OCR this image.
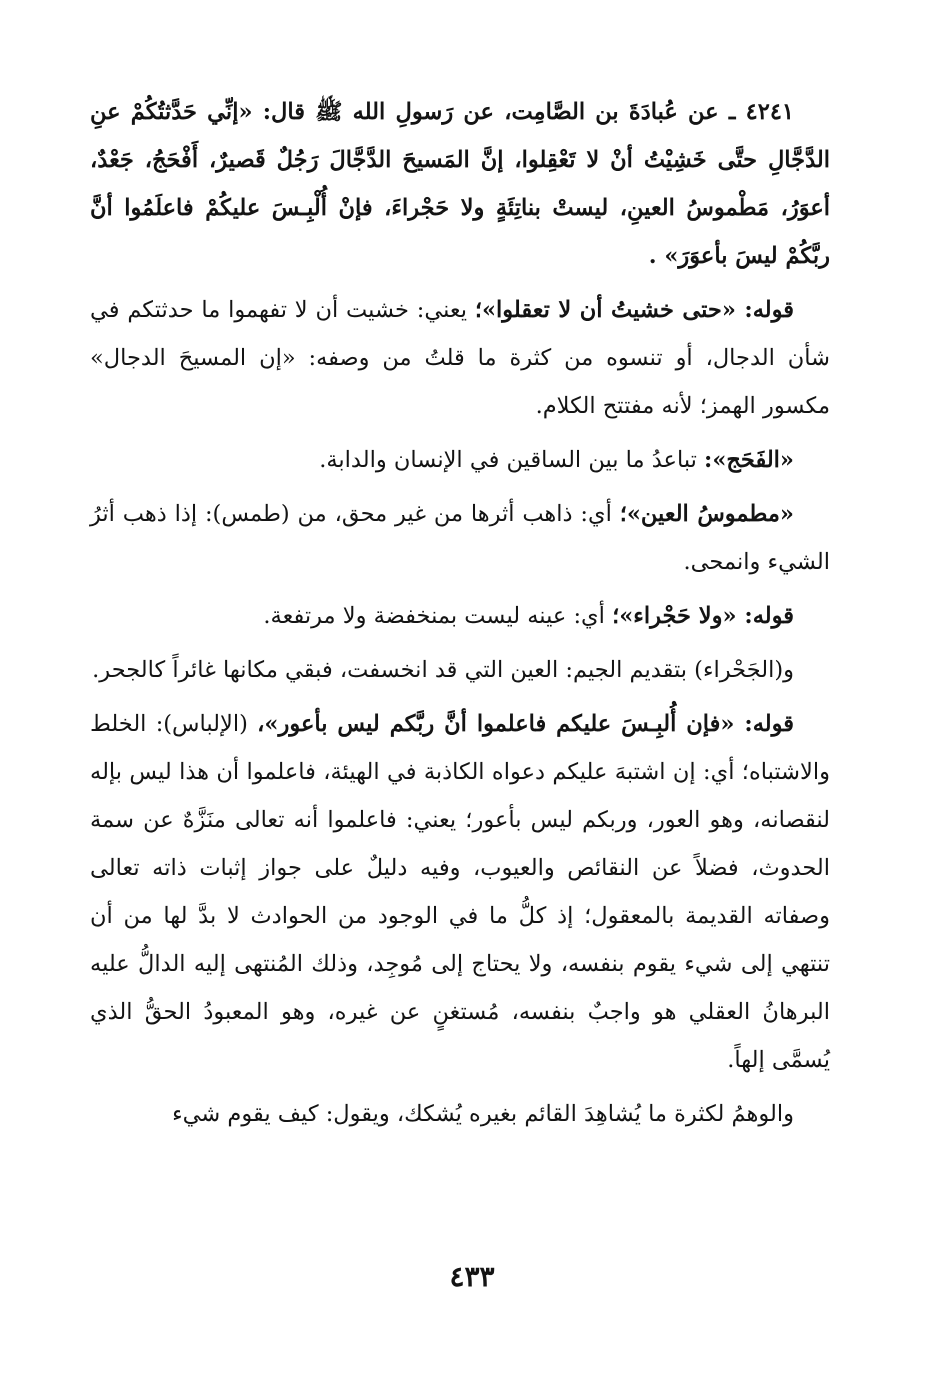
٤٢٤١ ـ عن عُبادَةَ بن الصَّامِت، عن رَسولِ الله ﷺ قال: «إنِّي حَدَّثتُكُمْ عنِ الدَّجَّالِ حتَّى خَشِيْتُ أنْ لا تَعْقِلوا، إنَّ المَسيحَ الدَّجَّالَ رَجُلٌ قَصيرٌ، أَفْحَجُ، جَعْدٌ، أعوَرُ، مَطْموسُ العينِ، ليستْ بناتِئَةٍ ولا حَجْراءَ، فإنْ أُلْبِـسَ عليكُمْ فاعلَمُوا أنَّ ربَّكُمْ ليسَ بأعوَرَ» .

قوله: «حتى خشيتُ أن لا تعقلوا»؛ يعني: خشيت أن لا تفهموا ما حدثتكم في شأن الدجال، أو تنسوه من كثرة ما قلتُ من وصفه: «إن المسيحَ الدجال» مكسور الهمز؛ لأنه مفتتح الكلام.

«الفَحَج»: تباعدُ ما بين الساقين في الإنسان والدابة.

«مطموسُ العين»؛ أي: ذاهب أثرها من غير محق، من (طمس): إذا ذهب أثرُ الشيء وانمحى.

قوله: «ولا حَجْراء»؛ أي: عينه ليست بمنخفضة ولا مرتفعة.

و(الجَحْراء) بتقديم الجيم: العين التي قد انخسفت، فبقي مكانها غائراً كالجحر.

قوله: «فإن أُلبِـسَ عليكم فاعلموا أنَّ ربَّكم ليس بأعور»، (الإلباس): الخلط والاشتباه؛ أي: إن اشتبهَ عليكم دعواه الكاذبة في الهيئة، فاعلموا أن هذا ليس بإله لنقصانه، وهو العور، وربكم ليس بأعور؛ يعني: فاعلموا أنه تعالى منَزَّهٌ عن سمة الحدوث، فضلاً عن النقائص والعيوب، وفيه دليلٌ على جواز إثبات ذاته تعالى وصفاته القديمة بالمعقول؛ إذ كلُّ ما في الوجود من الحوادث لا بدَّ لها من أن تنتهي إلى شيء يقوم بنفسه، ولا يحتاج إلى مُوجِد، وذلك المُنتهى إليه الدالُّ عليه البرهانُ العقلي هو واجبٌ بنفسه، مُستغنٍ عن غيره، وهو المعبودُ الحقُّ الذي يُسمَّى إلهاً.

والوهمُ لكثرة ما يُشاهِدَ القائم بغيره يُشكك، ويقول: كيف يقوم شيء

٤٣٣
